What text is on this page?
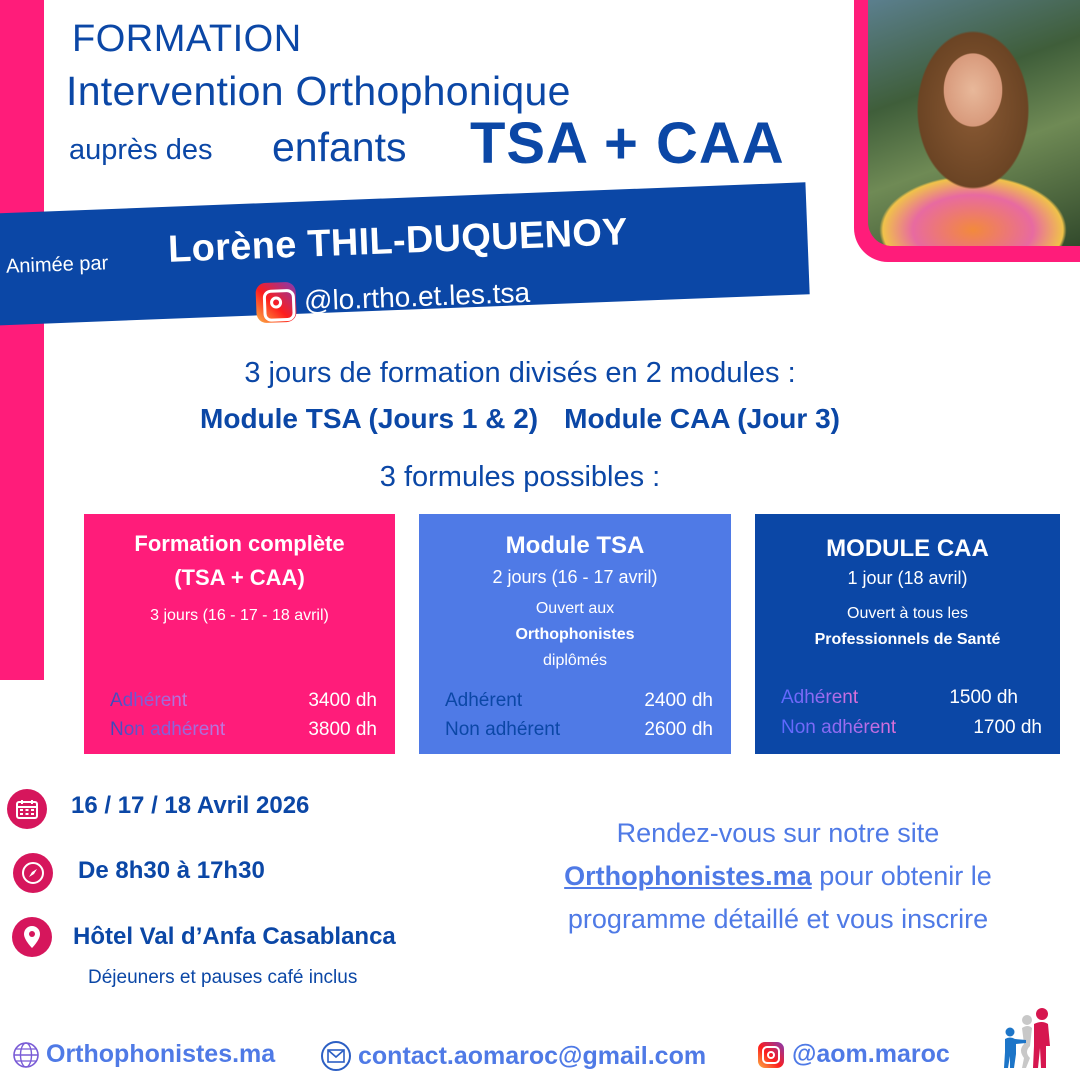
FORMATION
Intervention Orthophonique
auprès des enfants TSA + CAA
Animée par Lorène THIL-DUQUENOY
@lo.rtho.et.les.tsa
3 jours de formation divisés en 2 modules :
Module TSA (Jours 1 & 2) Module CAA (Jour 3)
3 formules possibles :
Formation complète
(TSA + CAA)
3 jours (16 - 17 - 18 avril)
Adhérent	3400 dh
Non adhérent	3800 dh
Module TSA
2 jours (16 - 17 avril)
Ouvert aux
Orthophonistes
diplômés
Adhérent	2400 dh
Non adhérent	2600 dh
MODULE CAA
1 jour (18 avril)
Ouvert à tous les
Professionnels de Santé
Adhérent	1500 dh
Non adhérent	1700 dh
16 / 17 / 18 Avril 2026
De 8h30 à 17h30
Hôtel Val d’Anfa Casablanca
Déjeuners et pauses café inclus
Rendez-vous sur notre site
Orthophonistes.ma pour obtenir le
programme détaillé et vous inscrire
Orthophonistes.ma	contact.aomaroc@gmail.com	@aom.maroc
